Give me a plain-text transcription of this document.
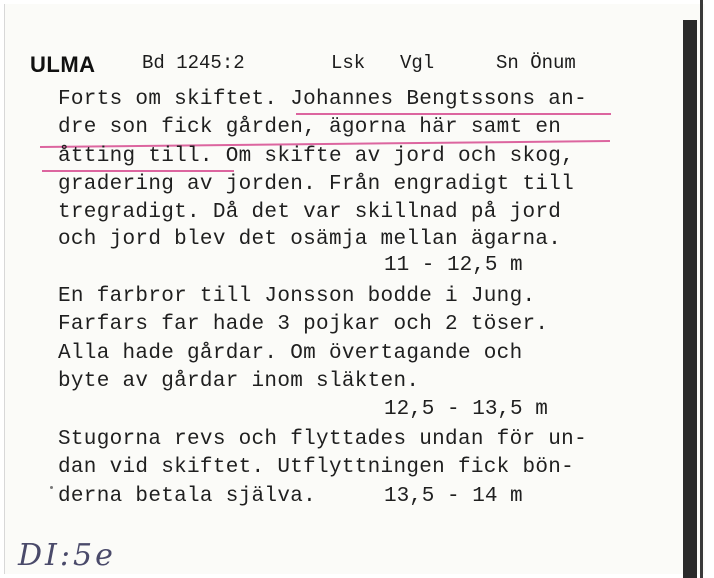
ULMA Bd 1245:2	Lsk Vgl	Sn Önum
Forts om skiftet. Johannes Bengtssons an-
dre son fick gården, ägorna här samt en
åtting till. Om skifte av jord och skog,
gradering av jorden. Från engradigt till
tregradigt. Då det var skillnad på jord
och jord blev det osämja mellan ägarna.
11 - 12,5 m
En farbror till Jonsson bodde i Jung.
Farfars far hade 3 pojkar och 2 töser.
Alla hade gårdar. Om övertagande och
byte av gårdar inom släkten.
12,5 - 13,5 m
Stugorna revs och flyttades undan för un-
dan vid skiftet. Utflyttningen fick bön-
derna betala själva.	13,5 - 14 m
DI:5e
